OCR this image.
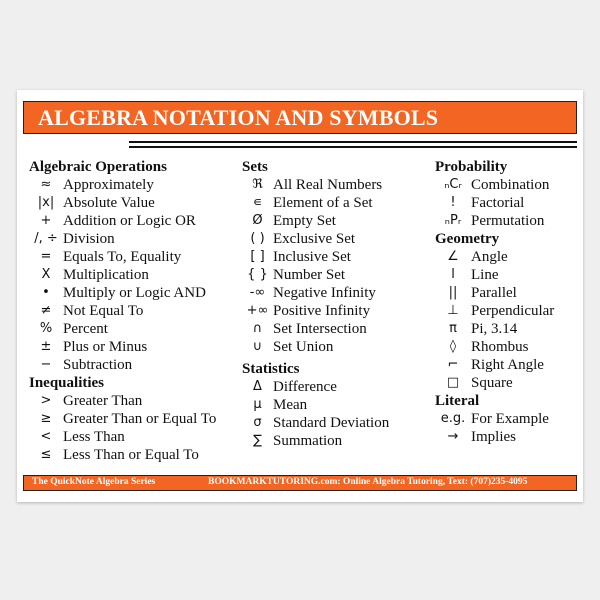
ALGEBRA NOTATION AND SYMBOLS
Algebraic Operations
≈ Approximately
|x| Absolute Value
+ Addition or Logic OR
/, ÷ Division
= Equals To, Equality
X Multiplication
• Multiply or Logic AND
≠ Not Equal To
% Percent
± Plus or Minus
− Subtraction
Inequalities
> Greater Than
≥ Greater Than or Equal To
< Less Than
≤ Less Than or Equal To
Sets
ℜ All Real Numbers
∊ Element of a Set
Ø Empty Set
( ) Exclusive Set
[ ] Inclusive Set
{ } Number Set
-∞ Negative Infinity
+∞ Positive Infinity
∩ Set Intersection
∪ Set Union
Statistics
Δ Difference
μ Mean
σ Standard Deviation
∑ Summation
Probability
ₙCᵣ Combination
!	Factorial
ₙPᵣ Permutation
Geometry
∠ Angle
l	Line
|| Parallel
⊥ Perpendicular
π Pi, 3.14
◊ Rhombus
⌐ Right Angle
□ Square
Literal
e.g. For Example
→ Implies
The QuickNote Algebra Series	BOOKMARKTUTORING.com: Online Algebra Tutoring, Text: (707)235-4095
